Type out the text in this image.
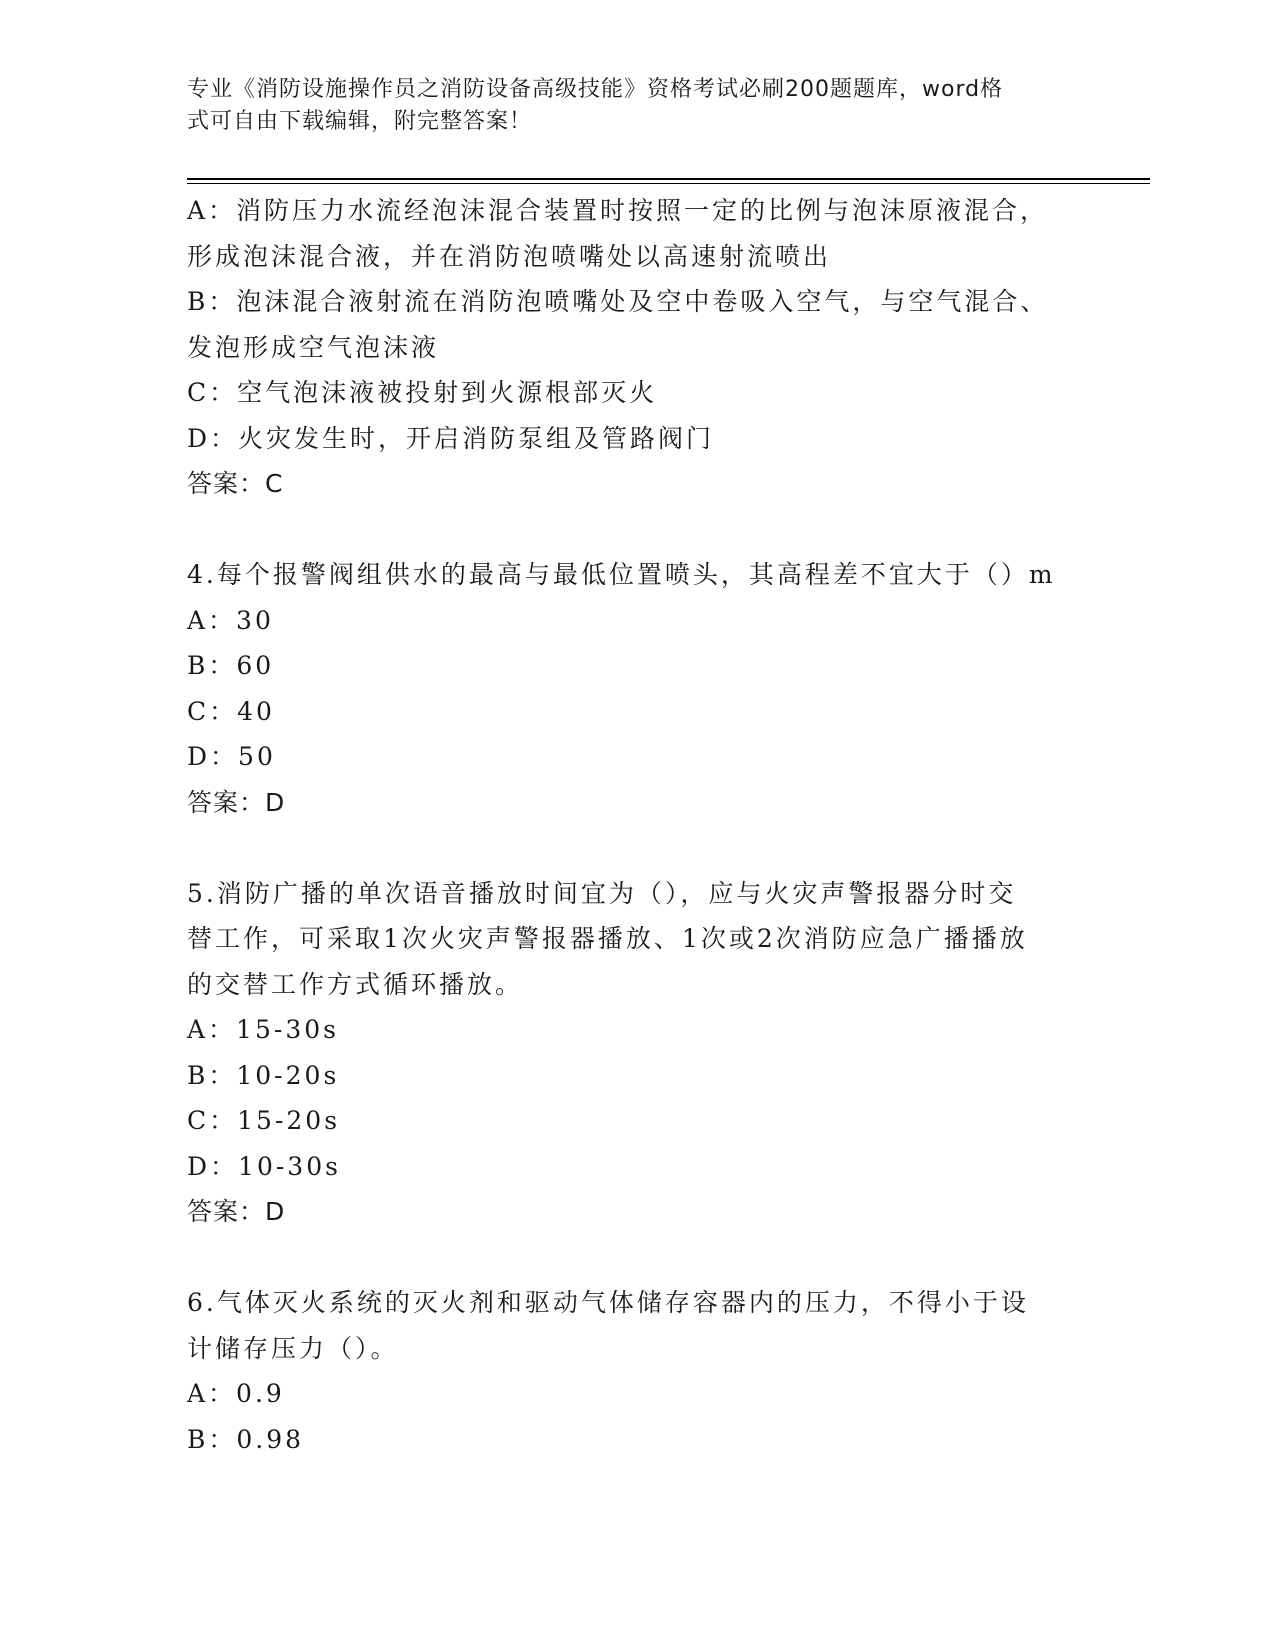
专业《消防设施操作员之消防设备高级技能》资格考试必刷200题题库，word格
式可自由下载编辑，附完整答案！
A：消防压力水流经泡沫混合装置时按照一定的比例与泡沫原液混合，
形成泡沫混合液，并在消防泡喷嘴处以高速射流喷出
B：泡沫混合液射流在消防泡喷嘴处及空中卷吸入空气，与空气混合、
发泡形成空气泡沫液
C：空气泡沫液被投射到火源根部灭火
D：火灾发生时，开启消防泵组及管路阀门
答案：C
4.每个报警阀组供水的最高与最低位置喷头，其高程差不宜大于（）m
A：30
B：60
C：40
D：50
答案：D
5.消防广播的单次语音播放时间宜为（），应与火灾声警报器分时交
替工作，可采取1次火灾声警报器播放、1次或2次消防应急广播播放
的交替工作方式循环播放。
A：15-30s
B：10-20s
C：15-20s
D：10-30s
答案：D
6.气体灭火系统的灭火剂和驱动气体储存容器内的压力，不得小于设
计储存压力（）。
A：0.9
B：0.98
